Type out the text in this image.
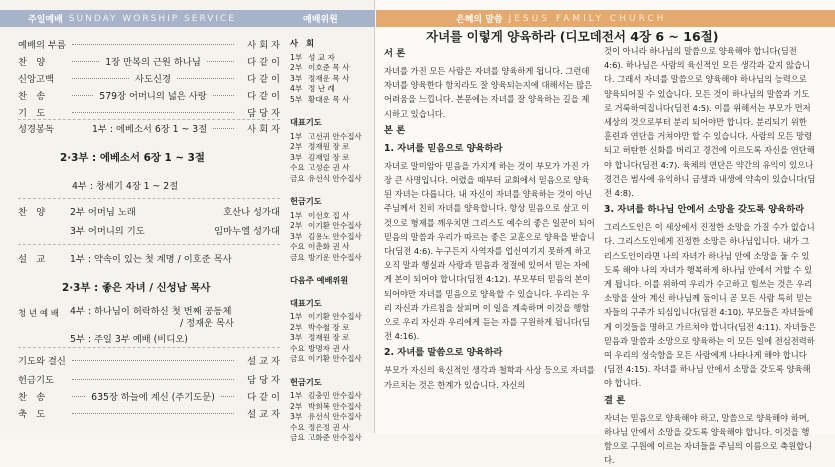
주일예배 SUNDAY WORSHIP SERVICE	예배위원
예배의 부름	사 회 자
찬　양	1장 만복의 근원 하나님	다 같 이
신앙고백	사도신경	다 같 이
찬　송	579장 어머니의 넓은 사랑	다 같 이
기　도	담 당 자
성경봉독	1부 : 에베소서 6장 1 ~ 3절	사 회 자
2·3부 : 에베소서 6장 1 ~ 3절
4부 : 창세기 4장 1 ~ 2절
찬　양	2부 어머님 노래	호산나 성가대
3부 어머니의 기도	임마누엘 성가대
설　교	1부 : 약속이 있는 첫 계명 / 이호준 목사
2·3부 : 좋은 자녀 / 신성남 목사
청 년 예 배	4부 : 하나님이 허락하신 첫 번째 공동체
/ 정재운 목사
5부 : 주일 3부 예배 (비디오)
기도와 결신	설 교 자
헌금기도	담 당 자
찬　송	635장 하늘에 계신 (주기도문)	다 같 이
축　도	설 교 자
사　회
1부 성 교 자
2부 이호준 목 사
3부 정재운 목 사
4부 정 난 례
5부 황대운 목 사
대표기도
1부 고선귀 안수집사
2부 정재원 장 로
3부 김재일 장 로
수요 고성순 권 사
금요 유선식 안수집사
헌금기도
1부 이선호 집 사
2부 이기환 안수집사
3부 김용노 안수집사
수요 이춘화 권 사
금요 방기운 안수집사
다음주 예배위원
대표기도
1부 이기환 안수집사
2부 박수철 장 로
3부 정재원 장 로
수요 방명자 권 사
금요 이기환 안수집사
헌금기도
1부 김충민 안수집사
2부 박희복 안수집사
3부 유선식 안수집사
수요 정은정 권 사
금요 고화준 안수집사
은혜의 말씀 JESUS FAMILY CHURCH
자녀를 이렇게 양육하라 (디모데전서 4장 6 ~ 16절)
서 론

자녀를 가진 모든 사람은 자녀를 양육하게 됩니다. 그런데 자녀를 양육한다 함치라도 잘 양육되는지에 대해서는 많은 어려움을 느낍니다. 본문에는 자녀를 잘 양육하는 길을 제시하고 있습니다.

본 론
1. 자녀를 믿음으로 양육하라

자녀로 말미암아 믿음을 가지게 하는 것이 부모가 가진 가장 큰 사명입니다. 어렸을 때부터 교회에서 믿음으로 양육된 자녀는 다릅니다. 내 자신이 자녀를 양육하는 것이 아닌 주님께서 친히 자녀를 양육합니다. 항상 믿음으로 살고 이것으로 형제를 깨우치면 그리스도 예수의 좋은 일꾼이 되어 믿음의 말씀과 우리가 따르는 좋은 교훈으로 양육을 받습니다(딤전 4:6). 누구든지 사역자를 업신여기지 못하게 하고 오직 말과 행실과 사랑과 믿음과 정절에 있어서 믿는 자에게 본이 되어야 합니다(딤전 4:12). 부모부터 믿음의 본이 되어야만 자녀를 믿음으로 양육할 수 있습니다. 우리는 우리 자신과 가르침을 살피며 이 일을 계속하며 이것을 행함으로 우리 자신과 우리에게 듣는 자를 구원하게 됩니다(딤전 4:16).

2. 자녀를 말씀으로 양육하라

부모가 자신의 육신적인 생각과 철학과 사상 등으로 자녀를 가르치는 것은 한계가 있습니다. 자신의

것이 아니라 하나님의 말씀으로 양육해야 합니다(딤전 4:6). 하나님은 사람의 육신적인 모든 생각과 같지 않습니다. 그래서 자녀를 말씀으로 양육해야 하나님의 능력으로 양육되어질 수 있습니다. 모든 것이 하나님의 말씀과 기도로 거룩하여집니다(딤전 4:5). 이를 위해서는 부모가 먼저 세상의 것으로부터 분리 되어야만 합니다. 분리되기 위한 훈련과 연단을 거쳐야만 할 수 있습니다. 사람의 모든 망령되고 허탄한 신화를 버리고 경건에 이르도록 자신을 연단해야 합니다(딤전 4:7). 육체의 연단은 약간의 유익이 있으나 경건은 범사에 유익하니 금생과 내생에 약속이 있습니다(딤전 4:8).

3. 자녀를 하나님 안에서 소망을 갖도록 양육하라

그리스도인은 이 세상에서 진정한 소망을 가질 수가 없습니다. 그리스도인에게 진정한 소망은 하나님입니다. 내가 그리스도인이라면 나의 자녀가 하나님 안에 소망을 둘 수 있도록 해야 나의 자녀가 행복하게 하나님 안에서 거할 수 있게 됩니다. 이를 위하여 우리가 수고하고 힘쓰는 것은 우리 소망을 살아 계신 하나님께 둠이니 곧 모든 사람 특히 믿는 자들의 구주가 되심입니다(딤전 4:10). 부모들은 자녀들에게 이것들을 명하고 가르쳐야 합니다(딤전 4:11). 자녀들은 믿음과 말씀과 소망으로 양육하는 이 모든 일에 전심전력하여 우리의 성숙함을 모든 사람에게 나타나게 해야 합니다(딤전 4:15). 자녀를 하나님 안에서 소망을 갖도록 양육해야 합니다.

결 론

자녀는 믿음으로 양육해야 하고, 말씀으로 양육해야 하며, 하나님 안에서 소망을 갖도록 양육해야 합니다. 이것을 행함으로 구원에 이르는 자녀들을 주님의 이름으로 축원합니다.
